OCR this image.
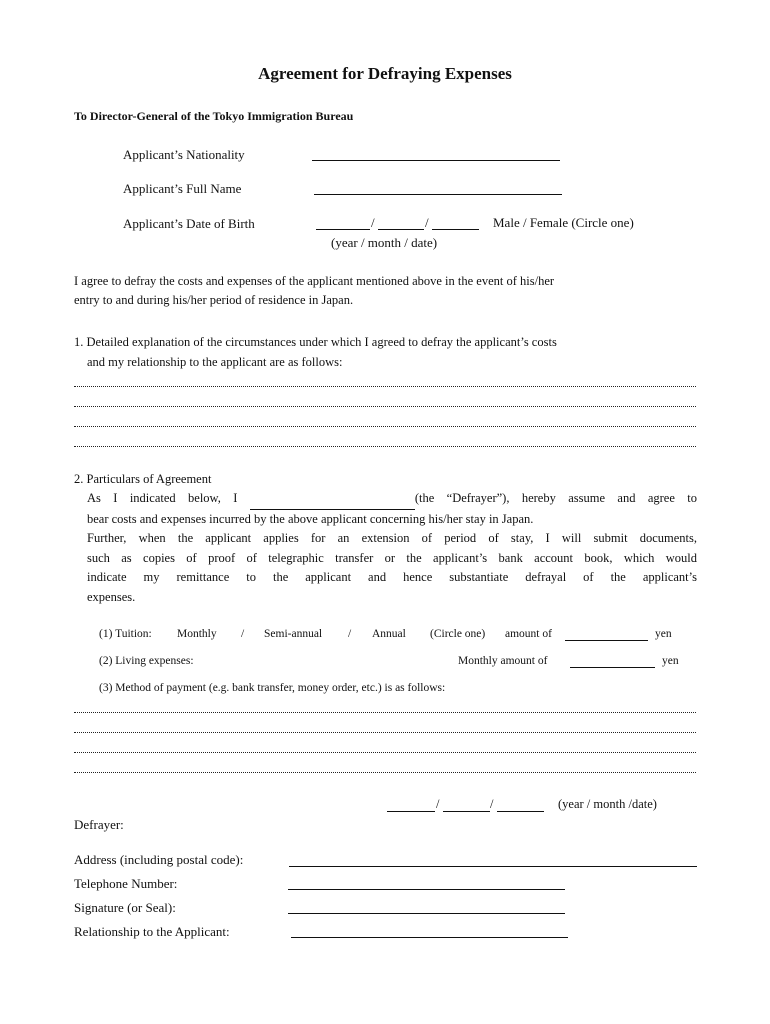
Agreement for Defraying Expenses
To Director-General of the Tokyo Immigration Bureau
Applicant’s Nationality
Applicant’s Full Name
Applicant’s Date of Birth	/	/	Male / Female (Circle one)
(year / month / date)
I agree to defray the costs and expenses of the applicant mentioned above in the event of his/her
entry to and during his/her period of residence in Japan.
1. Detailed explanation of the circumstances under which I agreed to defray the applicant’s costs
and my relationship to the applicant are as follows:
2. Particulars of Agreement
As I indicated below, I	(the “Defrayer”), hereby assume and agree to
bear costs and expenses incurred by the above applicant concerning his/her stay in Japan.
Further, when the applicant applies for an extension of period of stay, I will submit documents,
such as copies of proof of telegraphic transfer or the applicant’s bank account book, which would
indicate my remittance to the applicant and hence substantiate defrayal of the applicant’s
expenses.
(1) Tuition: Monthly / Semi-annual / Annual (Circle one) amount of	yen
(2) Living expenses:	Monthly amount of	yen
(3) Method of payment (e.g. bank transfer, money order, etc.) is as follows:
/	/	(year / month /date)
Defrayer:
Address (including postal code):
Telephone Number:
Signature (or Seal):
Relationship to the Applicant:
